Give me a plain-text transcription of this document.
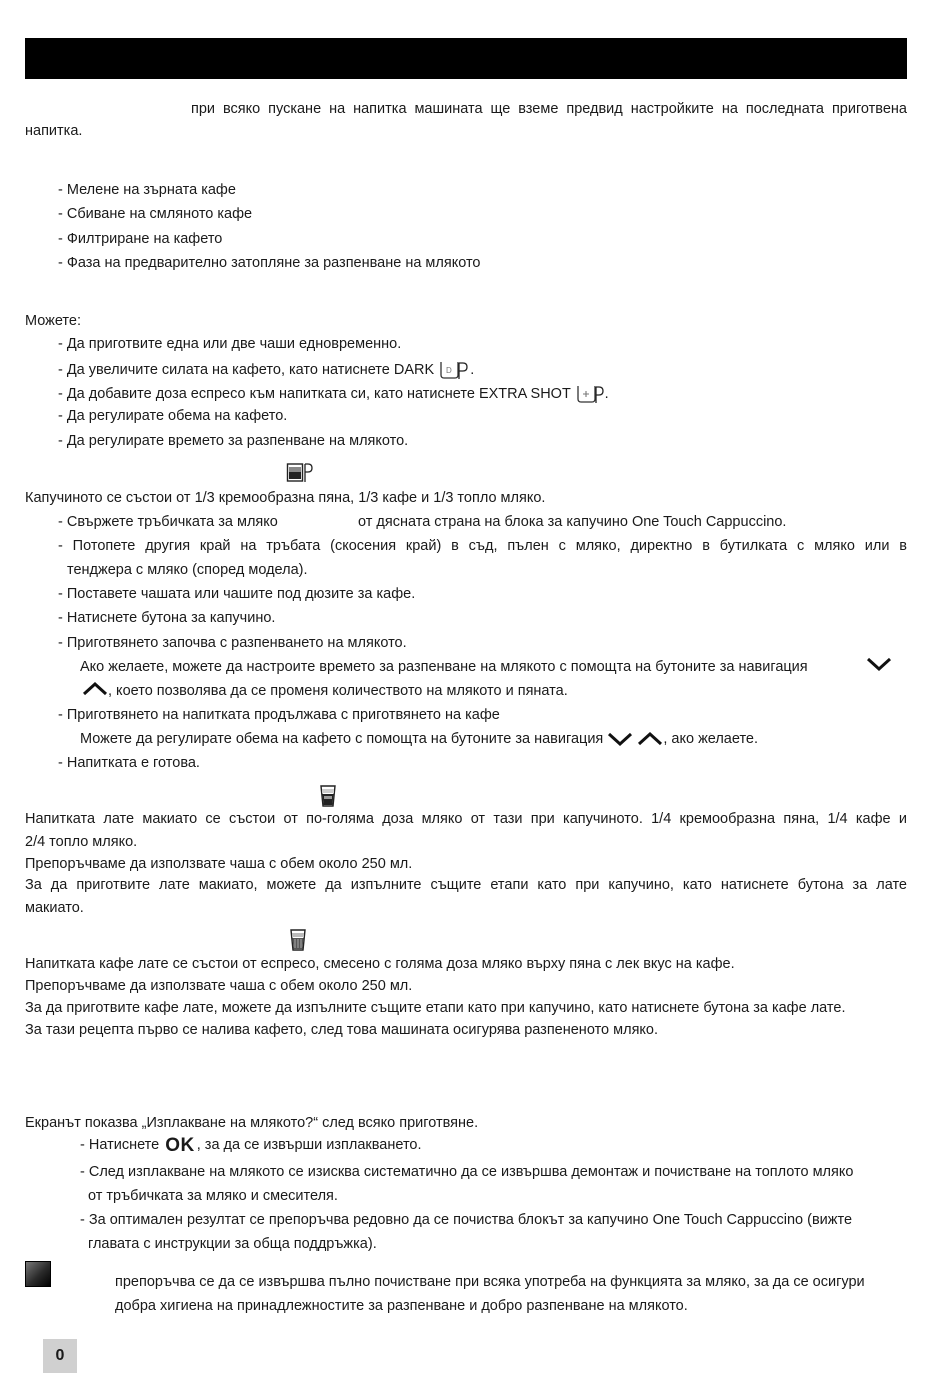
при всяко пускане на напитка машината ще вземе предвид настройките на последната приготвена
напитка.
- Мелене на зърната кафе
- Сбиване на смляното кафе
- Филтриране на кафето
- Фаза на предварително затопляне за разпенване на млякото
Можете:
- Да приготвите една или две чаши едновременно.
- Да увеличите силата на кафето, като натиснете DARK D .
- Да добавите доза еспресо към напитката си, като натиснете EXTRA SHOT .
- Да регулирате обема на кафето.
- Да регулирате времето за разпенване на млякото.
Капучиното се състои от 1/3 кремообразна пяна, 1/3 кафе и 1/3 топло мляко.
- Свържете тръбичката за мляко	от дясната страна на блока за капучино One Touch Cappuccino.
- Потопете другия край на тръбата (скосения край) в съд, пълен с мляко, директно в бутилката с мляко или в
тенджера с мляко (според модела).
- Поставете чашата или чашите под дюзите за кафе.
- Натиснете бутона за капучино.
- Приготвянето започва с разпенването на млякото.
Ако желаете, можете да настроите времето за разпенване на млякото с помощта на бутоните за навигация
, което позволява да се променя количеството на млякото и пяната.
- Приготвянето на напитката продължава с приготвянето на кафе
Можете да регулирате обема на кафето с помощта на бутоните за навигация	, ако желаете.
- Напитката е готова.
Напитката лате макиато се състои от по-голяма доза мляко от тази при капучиното. 1/4 кремообразна пяна, 1/4 кафе и
2/4 топло мляко.
Препоръчваме да използвате чаша с обем около 250 мл.
За да приготвите лате макиато, можете да изпълните същите етапи като при капучино, като натиснете бутона за лате
макиато.
Напитката кафе лате се състои от еспресо, смесено с голяма доза мляко върху пяна с лек вкус на кафе.
Препоръчваме да използвате чаша с обем около 250 мл.
За да приготвите кафе лате, можете да изпълните същите етапи като при капучино, като натиснете бутона за кафе лате.
За тази рецепта първо се налива кафето, след това машината осигурява разпененото мляко.
Екранът показва „Изплакване на млякото?“ след всяко приготвяне.
- Натиснете OK , за да се извърши изплакването.
- След изплакване на млякото се изисква систематично да се извършва демонтаж и почистване на топлото мляко
от тръбичката за мляко и смесителя.
- За оптимален резултат се препоръчва редовно да се почиства блокът за капучино One Touch Cappuccino (вижте
главата с инструкции за обща поддръжка).
препоръчва се да се извършва пълно почистване при всяка употреба на функцията за мляко, за да се осигури
добра хигиена на принадлежностите за разпенване и добро разпенване на млякото.
0
